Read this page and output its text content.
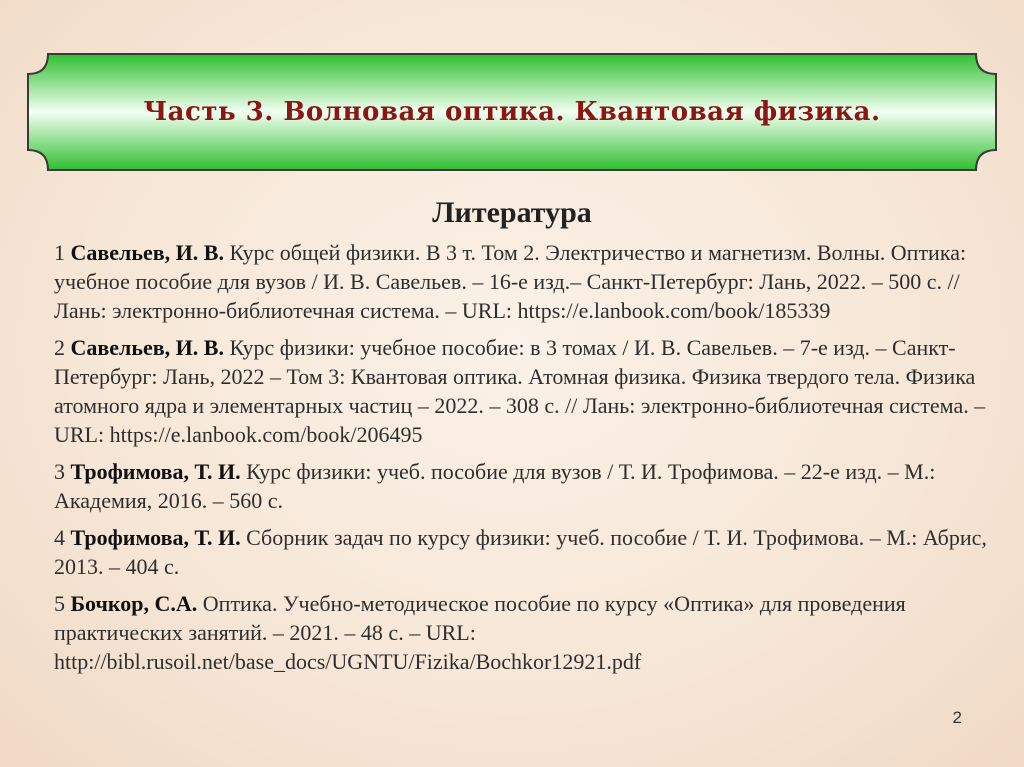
Часть 3. Волновая оптика. Квантовая физика.
Литература

1 Савельев, И. В. Курс общей физики. В 3 т. Том 2. Электричество и магнетизм. Волны. Оптика: учебное пособие для вузов / И. В. Савельев. – 16-е изд.– Санкт-Петербург: Лань, 2022. – 500 с. // Лань: электронно-библиотечная система. – URL: https://e.lanbook.com/book/185339

2 Савельев, И. В. Курс физики: учебное пособие: в 3 томах / И. В. Савельев. – 7-е изд. – Санкт-Петербург: Лань, 2022 – Том 3: Квантовая оптика. Атомная физика. Физика твердого тела. Физика атомного ядра и элементарных частиц – 2022. – 308 с. // Лань: электронно-библиотечная система. – URL: https://e.lanbook.com/book/206495

3 Трофимова, Т. И. Курс физики: учеб. пособие для вузов / Т. И. Трофимова. – 22-е изд. – М.: Академия, 2016. – 560 с.

4 Трофимова, Т. И. Сборник задач по курсу физики: учеб. пособие / Т. И. Трофимова. – М.: Абрис, 2013. – 404 с.

5 Бочкор, С.А. Оптика. Учебно-методическое пособие по курсу «Оптика» для проведения практических занятий. – 2021. – 48 с. – URL: http://bibl.rusoil.net/base_docs/UGNTU/Fizika/Bochkor12921.pdf

2
